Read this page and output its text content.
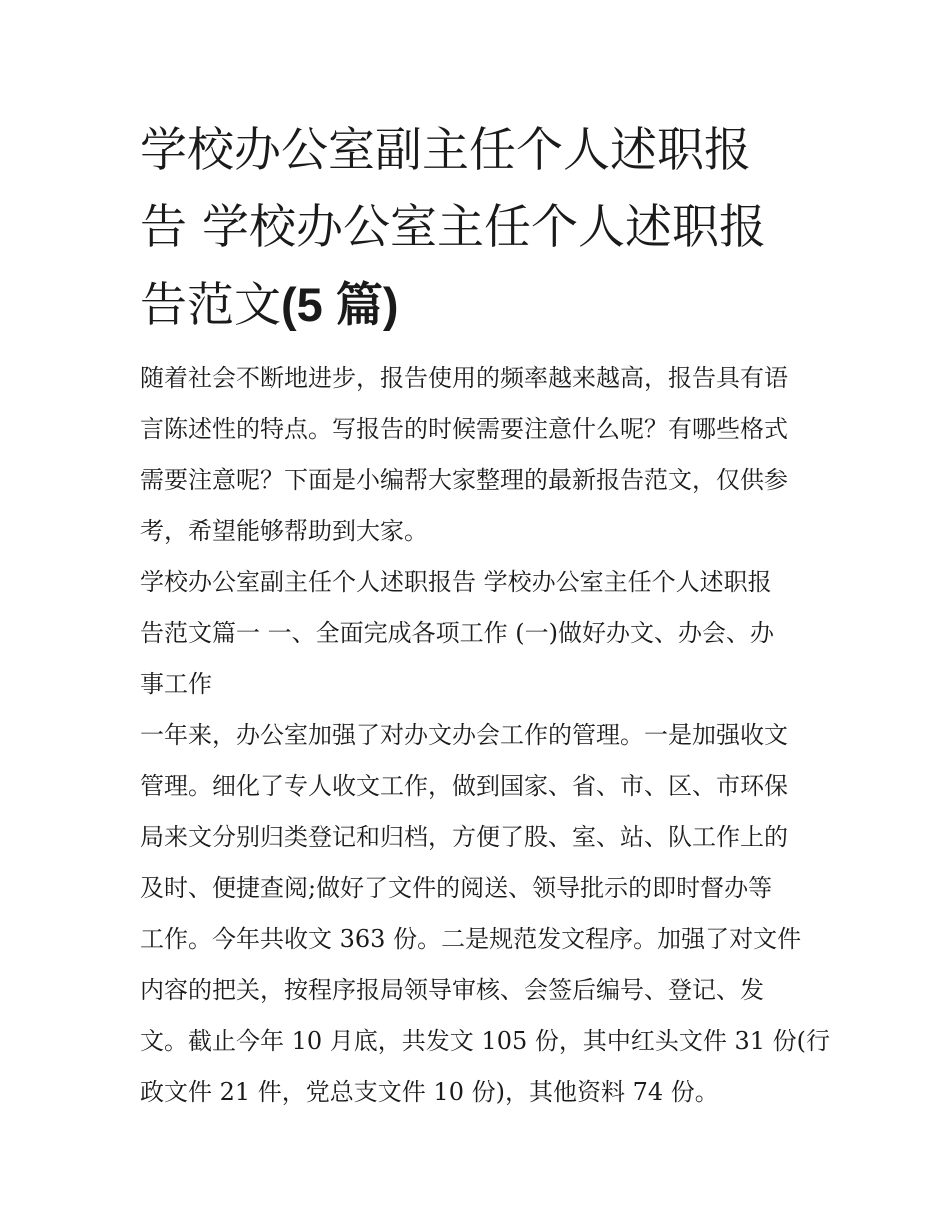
学校办公室副主任个人述职报
告 学校办公室主任个人述职报
告范文(5 篇)
随着社会不断地进步，报告使用的频率越来越高，报告具有语
言陈述性的特点。写报告的时候需要注意什么呢？有哪些格式
需要注意呢？下面是小编帮大家整理的最新报告范文，仅供参
考，希望能够帮助到大家。
学校办公室副主任个人述职报告 学校办公室主任个人述职报
告范文篇一 一、全面完成各项工作 (一)做好办文、办会、办
事工作
一年来，办公室加强了对办文办会工作的管理。一是加强收文
管理。细化了专人收文工作，做到国家、省、市、区、市环保
局来文分别归类登记和归档，方便了股、室、站、队工作上的
及时、便捷查阅;做好了文件的阅送、领导批示的即时督办等
工作。今年共收文 363 份。二是规范发文程序。加强了对文件
内容的把关，按程序报局领导审核、会签后编号、登记、发
文。截止今年 10 月底，共发文 105 份，其中红头文件 31 份(行
政文件 21 件，党总支文件 10 份)，其他资料 74 份。
